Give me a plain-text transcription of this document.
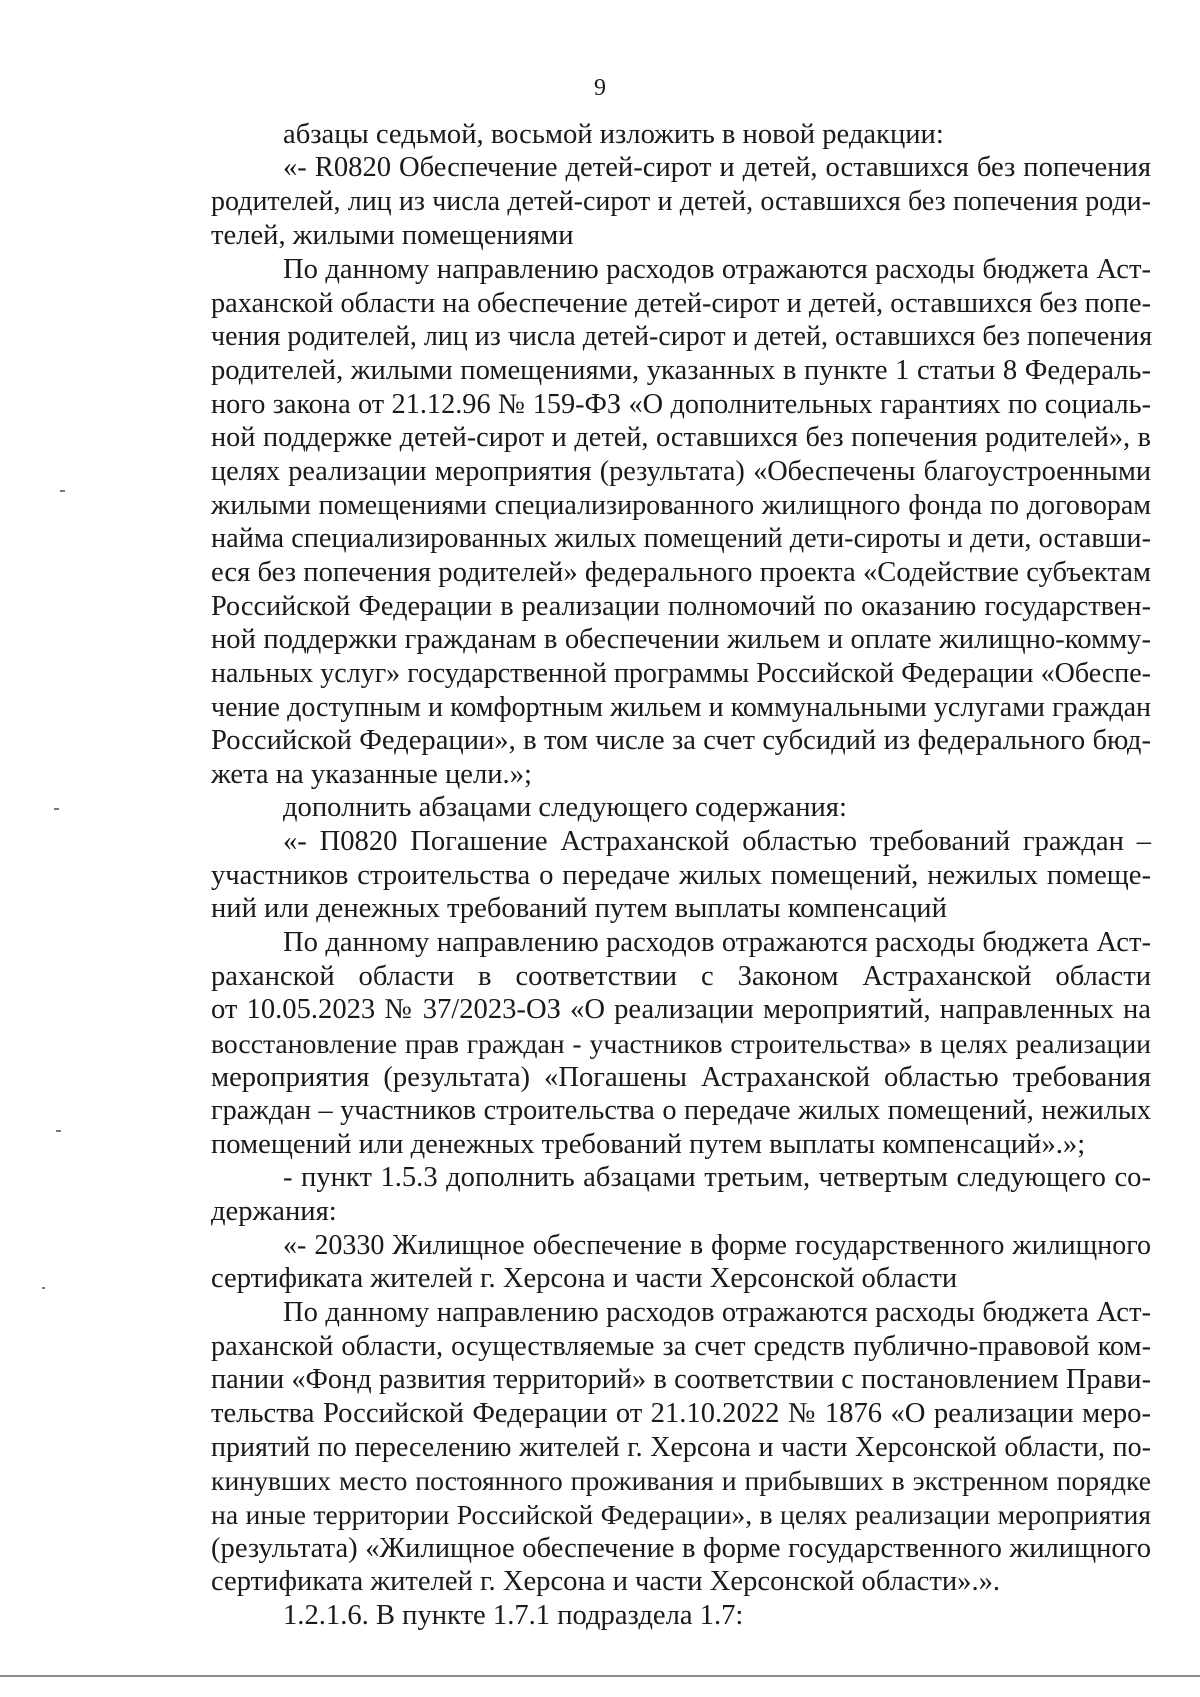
9

абзацы седьмой, восьмой изложить в новой редакции:

«- R0820 Обеспечение детей-сирот и детей, оставшихся без попечения

родителей, лиц из числа детей-сирот и детей, оставшихся без попечения роди-

телей, жилыми помещениями

По данному направлению расходов отражаются расходы бюджета Аст-

раханской области на обеспечение детей-сирот и детей, оставшихся без попе-

чения родителей, лиц из числа детей-сирот и детей, оставшихся без попечения

родителей, жилыми помещениями, указанных в пункте 1 статьи 8 Федераль-

ного закона от 21.12.96 № 159-ФЗ «О дополнительных гарантиях по социаль-

ной поддержке детей-сирот и детей, оставшихся без попечения родителей», в

целях реализации мероприятия (результата) «Обеспечены благоустроенными

жилыми помещениями специализированного жилищного фонда по договорам

найма специализированных жилых помещений дети-сироты и дети, оставши-

еся без попечения родителей» федерального проекта «Содействие субъектам

Российской Федерации в реализации полномочий по оказанию государствен-

ной поддержки гражданам в обеспечении жильем и оплате жилищно-комму-

нальных услуг» государственной программы Российской Федерации «Обеспе-

чение доступным и комфортным жильем и коммунальными услугами граждан

Российской Федерации», в том числе за счет субсидий из федерального бюд-

жета на указанные цели.»;

дополнить абзацами следующего содержания:

«- П0820 Погашение Астраханской областью требований граждан –

участников строительства о передаче жилых помещений, нежилых помеще-

ний или денежных требований путем выплаты компенсаций

По данному направлению расходов отражаются расходы бюджета Аст-

раханской области в соответствии с Законом Астраханской области

от 10.05.2023 № 37/2023-ОЗ «О реализации мероприятий, направленных на

восстановление прав граждан - участников строительства» в целях реализации

мероприятия (результата) «Погашены Астраханской областью требования

граждан – участников строительства о передаче жилых помещений, нежилых

помещений или денежных требований путем выплаты компенсаций».»;

- пункт 1.5.3 дополнить абзацами третьим, четвертым следующего со-

держания:

«- 20330 Жилищное обеспечение в форме государственного жилищного

сертификата жителей г. Херсона и части Херсонской области

По данному направлению расходов отражаются расходы бюджета Аст-

раханской области, осуществляемые за счет средств публично-правовой ком-

пании «Фонд развития территорий» в соответствии с постановлением Прави-

тельства Российской Федерации от 21.10.2022 № 1876 «О реализации меро-

приятий по переселению жителей г. Херсона и части Херсонской области, по-

кинувших место постоянного проживания и прибывших в экстренном порядке

на иные территории Российской Федерации», в целях реализации мероприятия

(результата) «Жилищное обеспечение в форме государственного жилищного

сертификата жителей г. Херсона и части Херсонской области».».

1.2.1.6. В пункте 1.7.1 подраздела 1.7:
